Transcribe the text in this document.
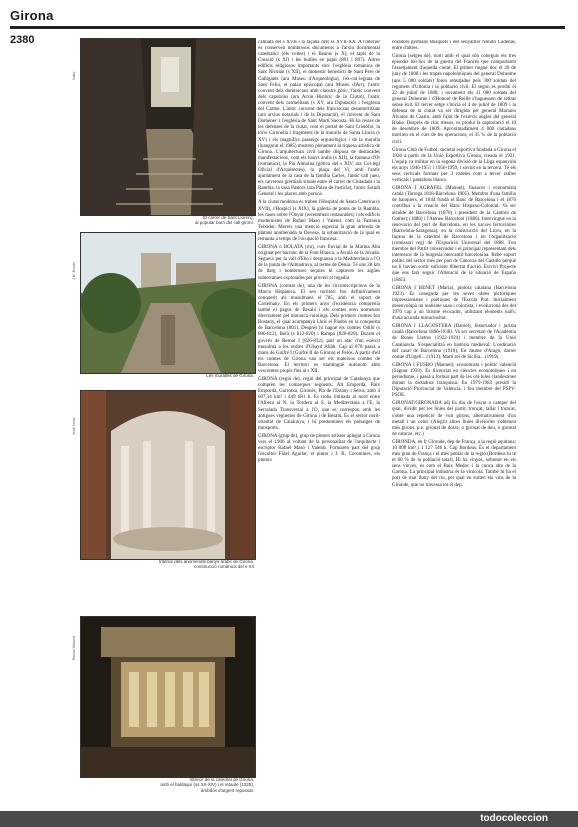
Girona
2380
Index
El carrer de Sant Llorenç,
al popular barri del call gironí.
J.M. Borrás
Les muralles de Girona.
Jordi Sarrà
Interior dels anomenats banys àrabs de Girona,
construcció romànica del s XII
Ramon Manent
Interior de la catedral de Girona,
amb el baldaquí (ss XII-XIV) i el retaule (1325),
ambdós d'argent repussat.

calinata del s XVII i la façana dels ss XVII-XX. A l'interior es conserven nombrosos documents a l'arxiu documental catedralici (els voltes) i el Beatus (s X), el tapís de la Creació (s XI) i les butlles en papir (891 i 897). Altres edificis religiosos importants són: l'església romànica de Sant Nicolau (s XII), el monestir benedictí de Sant Pere de Galligants (ara Museu d'Arqueologia), l'ex-col·legiata de Sant Feliu, el palau episcopal (ara Museu d'Art), l'antic convent dels dominicans amb claustre gòtic, l'antic convent dels caputxins (ara Arxiu Històric de la Ciutat), l'antic convent dels carmelitans (s XV, ara Diputació) i l'església del Carme. L'antic convent dels franciscans desamortitzats (ara arxius notarials i de la Diputació), el convent de Sant Domènec i l'església de Sant Martí Sacosta. Hi ha restes de les defenses de la ciutat, com el portal de Sant Cristòfol, la torre Gironella i fragments de la muralla de Santa Llúcia (s XV) i els magnífics passeigs arqueològics i de la muralla (inaugurat el 1985) mostren plenament la riquesa artística de Girona. L'arquitectura civil també disposa de destacades manifestacions, com els banys àrabs (s XII), la fontana d'Or (romànica), la Pia Almoina (gòtica del s XIV, ara Col·legi Oficial d'Arquitectes), la plaça del Vi, amb l'antic ajuntament de la casa de la família Carles, l'antic call jueu, els carrerons gremials situats entre el carrer de Ciutadans i la Rambla, la casa Pastors (ara Palau de Justícia), l'antic Estudi General i les places amb porxos.

A la ciutat moderna es troben l'Hospital de Santa Caterina (s XVII), l'Hospici (s XIX), la galeria de ponts de la Rambla, les cases sobre l'Onyar (recentment restaurades) i els edificis modernistes de Rafael Masó i Valentí, com la Farinera Teixidor. Mereix una menció especial la gran arbreda de plàtans anomenada la Devesa, la urbanització de la qual es remunta a temps de l'ocupació francesa.

GIRONA o BOLATA (riu), curs fluvial de la Marina Alta originat per barranc de la Font Blanca, a Alcalà de la Jovada. Segueix per la vall d'Ebo i desguassa a la Mediterrània a l'O de la punta de l'Almadrava, al terme de Dénia. Té uns 28 km de llarg i nombroses sèquies hi captaven les aigües subterrànies explotades per proveir el regadiu.

GIRONA (comtat de), una de les circumscripcions de la Marca Hispànica. El seu territori fou definitivament conquerit als musulmans el 785, amb el suport de Carlemany. En els primers anys d'existència comprenia també el pagus de Besalú i els comtes eren nomenats directament pel monarca carolingi. Dels primers comtes fou Rostany, el qual acompanyà Lluís el Piadós en la conquesta de Barcelona (801). Després hi hagué els comtes Odiló (s 800-812), Berà (s 812-820) i Rampó (820-826). Durant el govern de Bernat I (826-832), pati un atac d'un exèrcit musulmà a les ordres d'Ubayd Allàh. Cap al 878 passà a mans de Guifré I (Guifré II de Girona) el Pelós. A partir d'ell els comtes de Girona van ser els mateixos comtes de Barcelona. El territori es mantingué autònom amb vescomtes propis fins al s XII.

GIRONA (regió de), regió del principat de Catalunya que comprèn les comarques següents: Alt Empordà, Baix Empordà, Garrotxa, Gironès, Pla de l'Estany i Selva, amb 4 607,34 km² i 449 681 h. Es troba limitada al nord entre l'Albera al N, la Tordera al S, la Mediterrània a l'E, la Serralada Transversal a l'O, que es correspon amb les antigues vegueries de Girona i de Besalú. És el sector nord-oriental de Catalunya, i hi predominen els paisatges de transports.

GIRONA (grup de), grup de pintors artistes aplegat a Girona vers el 1906 al voltant de la personalitat de l'arquitecte i escriptor Rafael Masó i Valentí. Formaren part del grup l'escultor Fidel Aguilar, el pintor i J. B. Coromines, els pintors

coradors germans Busquets i del senyalller Nonito Cadenas, entre d'altres.

Girona (setges de), nom amb el qual són coneguts els tres episodis bèl·lics de la guerra del Francès que comportaren l'assetjament d'aquella ciutat. El primer tingué lloc el 20 de juny de 1808 i les tropes napoleòniques del general Duhesme (uns 5 000 soldats) foren rebutjades pels 300 soldats del regiment d'Ultònia i la població civil. El segon es produí el 22 de juliol de 1808, i novament els 11 000 soldats del general Duhesme i d'Honoré de Reille s'haguessen de retirar sense èxit. El tercer setge s'inicià el 4 de juliol de 1809 i la defensa de la ciutat va ser dirigida pel general Mariano Álvarez de Castro, amb l'ajut de l'exèrcit angles del general Blake. Després de cinc mesos, es produí la capitulació el 10 de desembre de 1809. Aproximadament 4 000 ciutadans moriren en el curs de les operacions, el 35 % de la població civil.

Girona Club de Futbol, societat esportiva fundada a Girona el 1930 a partir de la Unió Esportiva Girona, creada el 1921. L'equip va militar en la segona divisió de la Lliga espanyola els anys 1946-1951 i 1956-1959, i sovint en la tercera. Té els seus verticals formats per 3 rodetes com a tercer ratlles verticals i pantalons blancs.

GIRONA I AGRAFEL (Manuel), financer i economista català (Tàrrega 1818-Barcelona 1905). Membre d'una família de banquers, el 1844 fundà el Banc de Barcelona i el 1876 contribuí a la creació del Banc Hispano-Colonial. Va ser alcalde de Barcelona (1876) i president de la Cambra de Comerç (1886) i l'Ateneu Barceloní (1886). Intervingué en la renovació del port de Barcelona, en les xarxes ferroviàries (Barcelona-Saragossa), en la construcció del Liceu, en la façana de la catedral de Barcelona i en l'organització (comissari reg) de l'Exposició Universal del 1888. Fou membre del Partit conservador i el principal representant dels interessos de la burgesia mercantil barcelonina. Rebé suport polític del sector més per part de Cánovas del Castillo perquè no li havien sortir suficient llibertat d'acció. Escriví Projecte que ens farà seguir l'Alteració de la situació de España (1865).

GIRONA I BENET (Maria), pintora catalana (Barcelona 1923). És coneguda per les seves obres pictòriques impressionistes i poètiques de l'Escola Prat. Inicialment desenvolupà un realisme suau i colorista, i evolucionà des del 1970 cap a un lirisme evocador, utilitzant elements naïfs, d'una acurada minuciositat.

GIRONA I LLAGOSTERA (Daniel), historiador i jurista català (Barcelona 1866-1938). Va ser secretari de l'Acadèmia de Bones Lletres (1922-1924) i membre de la Unió Catalanista. S'especialitzà en història medieval: L'ordinació del casal de Barcelona (1910), En Jaume d'Aragó, darrer comte d'Urgell... (1913), Martí rei de Sicília... (1919).

GIRONA I FUSBO (Manuel), economista i polític valencià (Sagunt 1939). És llicenciat en ciències econòmiques i en periodisme, i passà a formar part de les cèl·lules clandestines durant la dictadura franquista. En 1979-1983 presidí la Diputació Provincial de València, i fou membre del PSPV-PSOE.

GIRONAT/GIRONADA adj Es diu de l'escut o camper del qual, dividit per les línies del partit, tronçat, tallat i truncat, s'obté una repetició de vuit girons, alternativament d'un metall i un color. (Alegrit altres línies divisòries s'obtenen més girons, p.e. gironat de dotze, o gironat de deu, o gironat de catorze, etc.)

GIRONDA, en fr Gironde, dep de França, a la regió aquitana; 10 000 km² i 1 127 546 h. Cap Bordeus. És el departament més gran de França i el més poblat de la regió (Bordeus hi té el 60 % de la població total). Hi ha vinyes, sobretot en els seus vinyes, és com el Baix Medoc i la conca alta de la Garona. La principal indústria és la vinícola. També hi ha el port de mar lluny del riu, pel qual en surten els vins de la Gironde, que no travessa tot el dep.

todocoleccion
